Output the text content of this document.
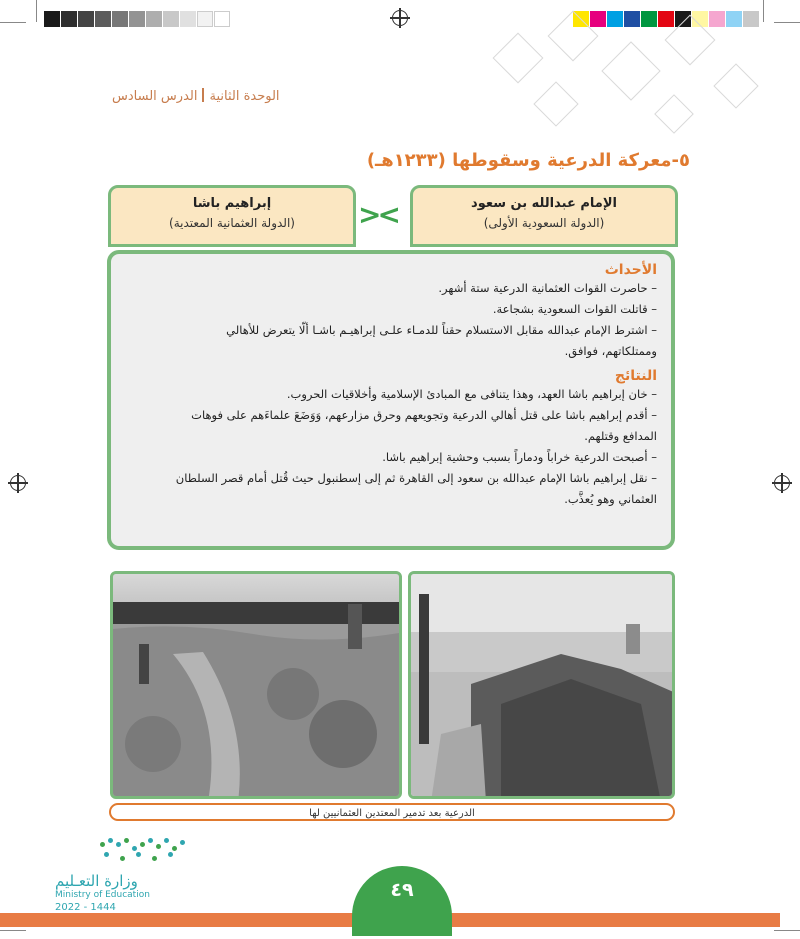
الوحدة الثانيةالدرس السادس
٥-معركة الدرعية وسقوطها (١٢٣٣هـ)
إبراهيم باشا
(الدولة العثمانية المعتدية)	><	الإمام عبدالله بن سعود
(الدولة السعودية الأولى)
الأحداث
– حاصرت القوات العثمانية الدرعية ستة أشهر.
– قاتلت القوات السعودية بشجاعة.
– اشترط الإمام عبدالله مقابل الاستسلام حقناً للدمـاء علـى إبراهيـم باشـا ألّا يتعرض للأهالي
وممتلكاتهم، فوافق.
النتائج
– خان إبراهيم باشا العهد، وهذا يتنافى مع المبادئ الإسلامية وأخلاقيات الحروب.
– أقدم إبراهيم باشا على قتل أهالي الدرعية وتجويعهم وحرق مزارعهم، وَوَضَعَ علماءَهم على فوهات
المدافع وقتلهم.
– أصبحت الدرعية خراباً ودماراً بسبب وحشية إبراهيم باشا.
– نقل إبراهيم باشا الإمام عبدالله بن سعود إلى القاهرة ثم إلى إسطنبول حيث قُتل أمام قصر السلطان
العثماني وهو يُعذَّب.
الدرعية بعد تدمير المعتدين العثمانيين لها
وزارة التعـليم
Ministry of Education
2022 - 1444
٤٩
